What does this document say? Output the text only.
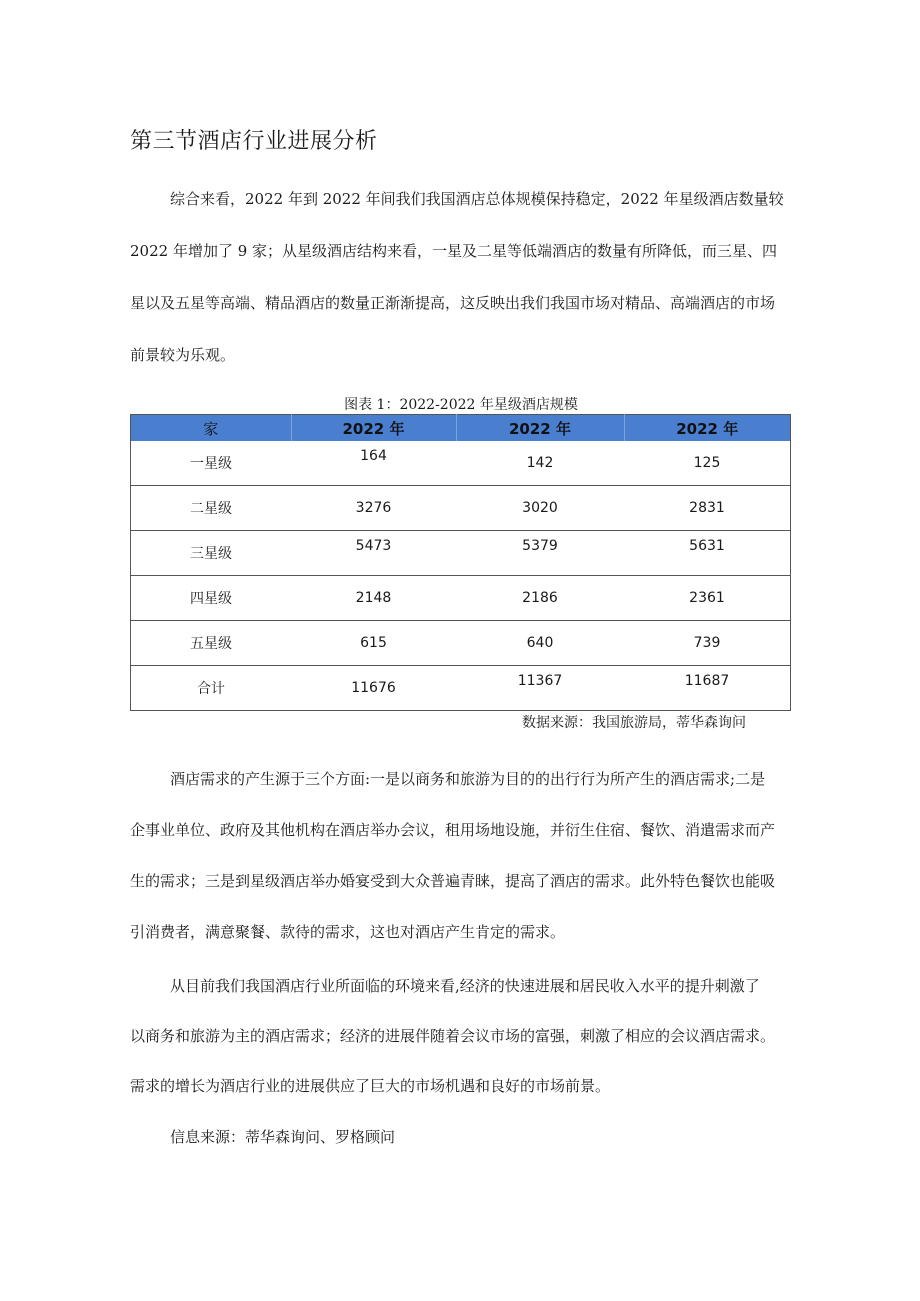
第三节酒店行业进展分析
综合来看，2022 年到 2022 年间我们我国酒店总体规模保持稳定，2022 年星级酒店数量较
2022 年增加了 9 家；从星级酒店结构来看，一星及二星等低端酒店的数量有所降低，而三星、四
星以及五星等高端、精品酒店的数量正渐渐提高，这反映出我们我国市场对精品、高端酒店的市场
前景较为乐观。
图表 1：2022-2022 年星级酒店规模
家	2022 年	2022 年	2022 年
一星级	164	142	125
二星级	3276	3020	2831
三星级	5473	5379	5631
四星级	2148	2186	2361
五星级	615	640	739
合计	11676	11367	11687
数据来源：我国旅游局，蒂华森询问
酒店需求的产生源于三个方面:一是以商务和旅游为目的的出行行为所产生的酒店需求;二是
企事业单位、政府及其他机构在酒店举办会议，租用场地设施，并衍生住宿、餐饮、消遣需求而产
生的需求；三是到星级酒店举办婚宴受到大众普遍青睐，提高了酒店的需求。此外特色餐饮也能吸
引消费者，满意聚餐、款待的需求，这也对酒店产生肯定的需求。
从目前我们我国酒店行业所面临的环境来看,经济的快速进展和居民收入水平的提升刺激了
以商务和旅游为主的酒店需求；经济的进展伴随着会议市场的富强，刺激了相应的会议酒店需求。
需求的增长为酒店行业的进展供应了巨大的市场机遇和良好的市场前景。
信息来源：蒂华森询问、罗格顾问
